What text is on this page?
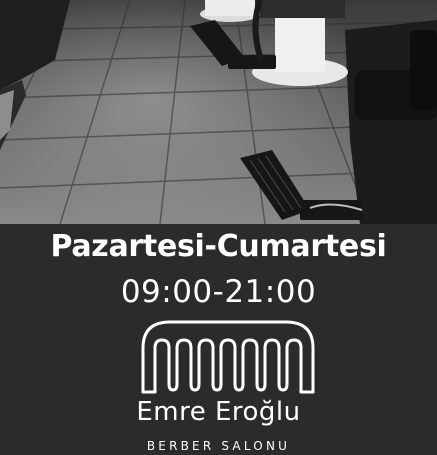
Pazartesi-Cumartesi
09:00-21:00
Emre Eroğlu
BERBER SALONU
